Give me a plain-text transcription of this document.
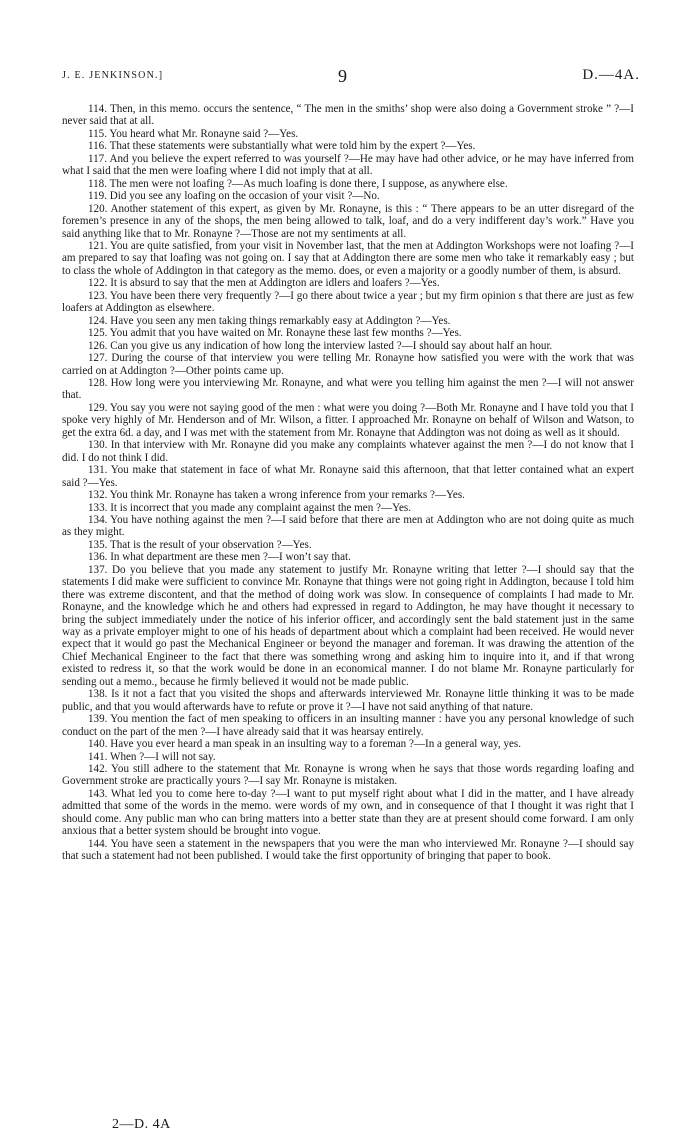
J. E. JENKINSON.]	9	D.—4A.

114. Then, in this memo. occurs the sentence, “ The men in the smiths’ shop were also doing a Government stroke ” ?—I never said that at all.

115. You heard what Mr. Ronayne said ?—Yes.

116. That these statements were substantially what were told him by the expert ?—Yes.

117. And you believe the expert referred to was yourself ?—He may have had other advice, or he may have inferred from what I said that the men were loafing where I did not imply that at all.

118. The men were not loafing ?—As much loafing is done there, I suppose, as anywhere else.

119. Did you see any loafing on the occasion of your visit ?—No.

120. Another statement of this expert, as given by Mr. Ronayne, is this : “ There appears to be an utter disregard of the foremen’s presence in any of the shops, the men being allowed to talk, loaf, and do a very indifferent day’s work.” Have you said anything like that to Mr. Ronayne ?—Those are not my sentiments at all.

121. You are quite satisfied, from your visit in November last, that the men at Addington Workshops were not loafing ?—I am prepared to say that loafing was not going on. I say that at Addington there are some men who take it remarkably easy ; but to class the whole of Addington in that category as the memo. does, or even a majority or a goodly number of them, is absurd.

122. It is absurd to say that the men at Addington are idlers and loafers ?—Yes.

123. You have been there very frequently ?—I go there about twice a year ; but my firm opinion s that there are just as few loafers at Addington as elsewhere.

124. Have you seen any men taking things remarkably easy at Addington ?—Yes.

125. You admit that you have waited on Mr. Ronayne these last few months ?—Yes.

126. Can you give us any indication of how long the interview lasted ?—I should say about half an hour.

127. During the course of that interview you were telling Mr. Ronayne how satisfied you were with the work that was carried on at Addington ?—Other points came up.

128. How long were you interviewing Mr. Ronayne, and what were you telling him against the men ?—I will not answer that.

129. You say you were not saying good of the men : what were you doing ?—Both Mr. Ronayne and I have told you that I spoke very highly of Mr. Henderson and of Mr. Wilson, a fitter. I approached Mr. Ronayne on behalf of Wilson and Watson, to get the extra 6d. a day, and I was met with the statement from Mr. Ronayne that Addington was not doing as well as it should.

130. In that interview with Mr. Ronayne did you make any complaints whatever against the men ?—I do not know that I did. I do not think I did.

131. You make that statement in face of what Mr. Ronayne said this afternoon, that that letter contained what an expert said ?—Yes.

132. You think Mr. Ronayne has taken a wrong inference from your remarks ?—Yes.

133. It is incorrect that you made any complaint against the men ?—Yes.

134. You have nothing against the men ?—I said before that there are men at Addington who are not doing quite as much as they might.

135. That is the result of your observation ?—Yes.

136. In what department are these men ?—I won’t say that.

137. Do you believe that you made any statement to justify Mr. Ronayne writing that letter ?—I should say that the statements I did make were sufficient to convince Mr. Ronayne that things were not going right in Addington, because I told him there was extreme discontent, and that the method of doing work was slow. In consequence of complaints I had made to Mr. Ronayne, and the knowledge which he and others had expressed in regard to Addington, he may have thought it necessary to bring the subject immediately under the notice of his inferior officer, and accordingly sent the bald statement just in the same way as a private employer might to one of his heads of department about which a complaint had been received. He would never expect that it would go past the Mechanical Engineer or beyond the manager and foreman. It was drawing the attention of the Chief Mechanical Engineer to the fact that there was something wrong and asking him to inquire into it, and if that wrong existed to redress it, so that the work would be done in an economical manner. I do not blame Mr. Ronayne particularly for sending out a memo., because he firmly believed it would not be made public.

138. Is it not a fact that you visited the shops and afterwards interviewed Mr. Ronayne little thinking it was to be made public, and that you would afterwards have to refute or prove it ?—I have not said anything of that nature.

139. You mention the fact of men speaking to officers in an insulting manner : have you any personal knowledge of such conduct on the part of the men ?—I have already said that it was hearsay entirely.

140. Have you ever heard a man speak in an insulting way to a foreman ?—In a general way, yes.

141. When ?—I will not say.

142. You still adhere to the statement that Mr. Ronayne is wrong when he says that those words regarding loafing and Government stroke are practically yours ?—I say Mr. Ronayne is mistaken.

143. What led you to come here to-day ?—I want to put myself right about what I did in the matter, and I have already admitted that some of the words in the memo. were words of my own, and in consequence of that I thought it was right that I should come. Any public man who can bring matters into a better state than they are at present should come forward. I am only anxious that a better system should be brought into vogue.

144. You have seen a statement in the newspapers that you were the man who interviewed Mr. Ronayne ?—I should say that such a statement had not been published. I would take the first opportunity of bringing that paper to book.

2—D. 4A
